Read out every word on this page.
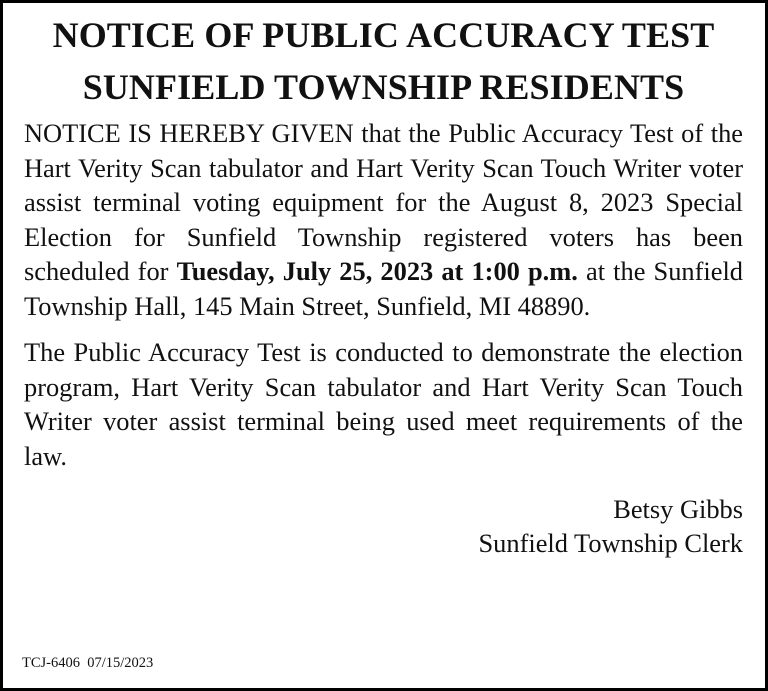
NOTICE OF PUBLIC ACCURACY TEST
SUNFIELD TOWNSHIP RESIDENTS

NOTICE IS HEREBY GIVEN that the Public Accuracy Test of the Hart Verity Scan tabulator and Hart Verity Scan Touch Writer voter assist terminal voting equipment for the August 8, 2023 Special Election for Sunfield Township registered voters has been scheduled for Tuesday, July 25, 2023 at 1:00 p.m. at the Sunfield Township Hall, 145 Main Street, Sunfield, MI 48890.

The Public Accuracy Test is conducted to demonstrate the election program, Hart Verity Scan tabulator and Hart Verity Scan Touch Writer voter assist terminal being used meet requirements of the law.

Betsy Gibbs
Sunfield Township Clerk
TCJ-6406 07/15/2023
